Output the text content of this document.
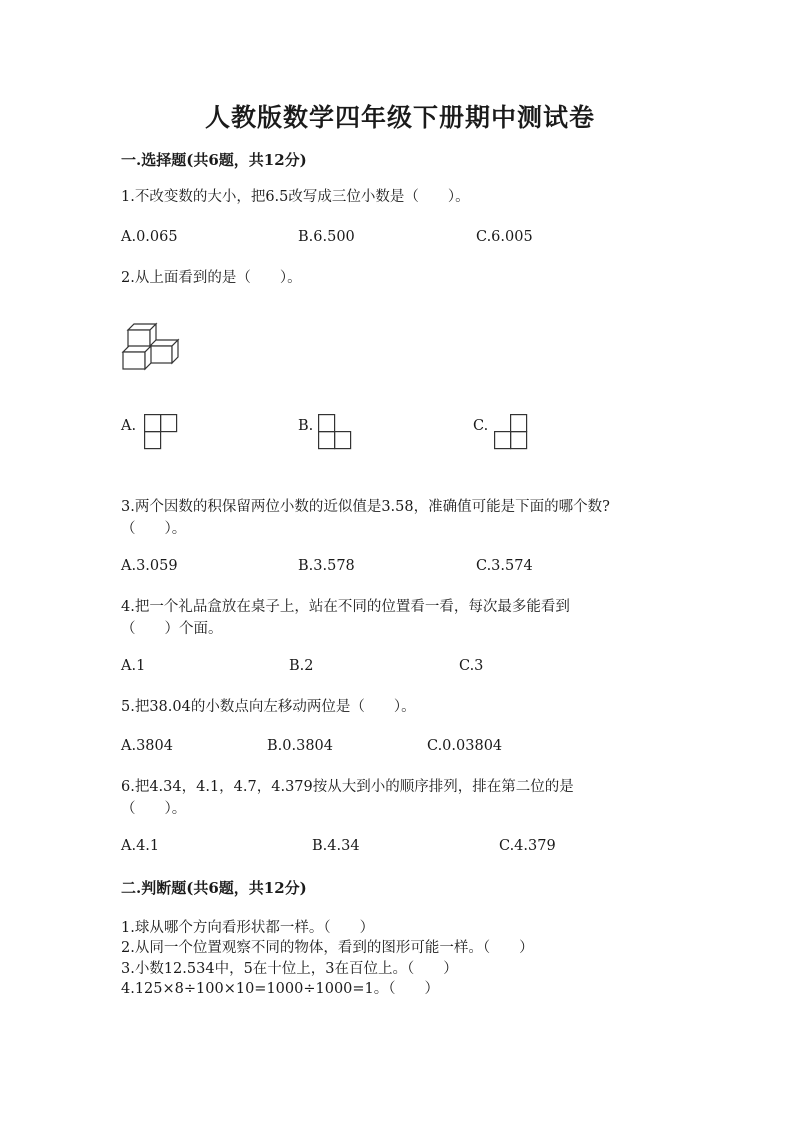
人教版数学四年级下册期中测试卷
一.选择题(共6题，共12分)
1.不改变数的大小，把6.5改写成三位小数是（　　）。
A.0.065	B.6.500	C.6.005
2.从上面看到的是（　　）。
A.	B.	C.
3.两个因数的积保留两位小数的近似值是3.58，准确值可能是下面的哪个数?
（　　）。
A.3.059	B.3.578	C.3.574
4.把一个礼品盒放在桌子上，站在不同的位置看一看，每次最多能看到
（　　）个面。
A.1	B.2	C.3
5.把38.04的小数点向左移动两位是（　　）。
A.3804	B.0.3804	C.0.03804
6.把4.34，4.1，4.7，4.379按从大到小的顺序排列，排在第二位的是
（　　）。
A.4.1	B.4.34	C.4.379
二.判断题(共6题，共12分)
1.球从哪个方向看形状都一样。（　　）
2.从同一个位置观察不同的物体，看到的图形可能一样。（　　）
3.小数12.534中，5在十位上，3在百位上。（　　）
4.125×8÷100×10=1000÷1000=1。（　　）
